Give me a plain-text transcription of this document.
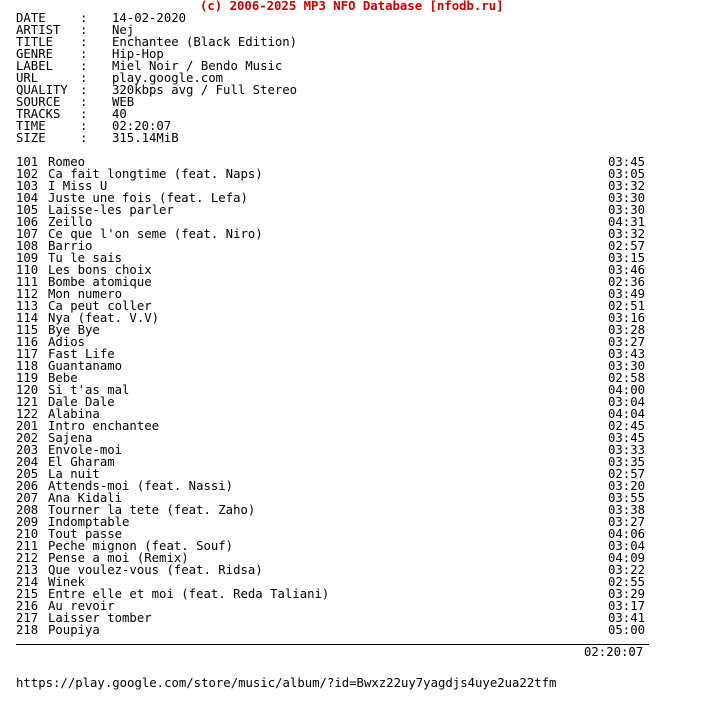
(c) 2006-2025 MP3 NFO Database [nfodb.ru]
DATE	:	14-02-2020
ARTIST	:	Nej
TITLE	:	Enchantee (Black Edition)
GENRE	:	Hip-Hop
LABEL	:	Miel Noir / Bendo Music
URL	:	play.google.com
QUALITY :	320kbps avg / Full Stereo
SOURCE	:	WEB
TRACKS	:	40
TIME	:	02:20:07
SIZE	:	315.14MiB
101 Romeo	03:45
102 Ca fait longtime (feat. Naps)	03:05
103 I Miss U	03:32
104 Juste une fois (feat. Lefa)	03:30
105 Laisse-les parler	03:30
106 Zeillo	04:31
107 Ce que l'on seme (feat. Niro)	03:32
108 Barrio	02:57
109 Tu le sais	03:15
110 Les bons choix	03:46
111 Bombe atomique	02:36
112 Mon numero	03:49
113 Ca peut coller	02:51
114 Nya (feat. V.V)	03:16
115 Bye Bye	03:28
116 Adios	03:27
117 Fast Life	03:43
118 Guantanamo	03:30
119 Bebe	02:58
120 Si t'as mal	04:00
121 Dale Dale	03:04
122 Alabina	04:04
201 Intro enchantee	02:45
202 Sajena	03:45
203 Envole-moi	03:33
204 El Gharam	03:35
205 La nuit	02:57
206 Attends-moi (feat. Nassi)	03:20
207 Ana Kidali	03:55
208 Tourner la tete (feat. Zaho)	03:38
209 Indomptable	03:27
210 Tout passe	04:06
211 Peche mignon (feat. Souf)	03:04
212 Pense a moi (Remix)	04:09
213 Que voulez-vous (feat. Ridsa)	03:22
214 Winek	02:55
215 Entre elle et moi (feat. Reda Taliani)	03:29
216 Au revoir	03:17
217 Laisser tomber	03:41
218 Poupiya	05:00
02:20:07
https://play.google.com/store/music/album/?id=Bwxz22uy7yagdjs4uye2ua22tfm
